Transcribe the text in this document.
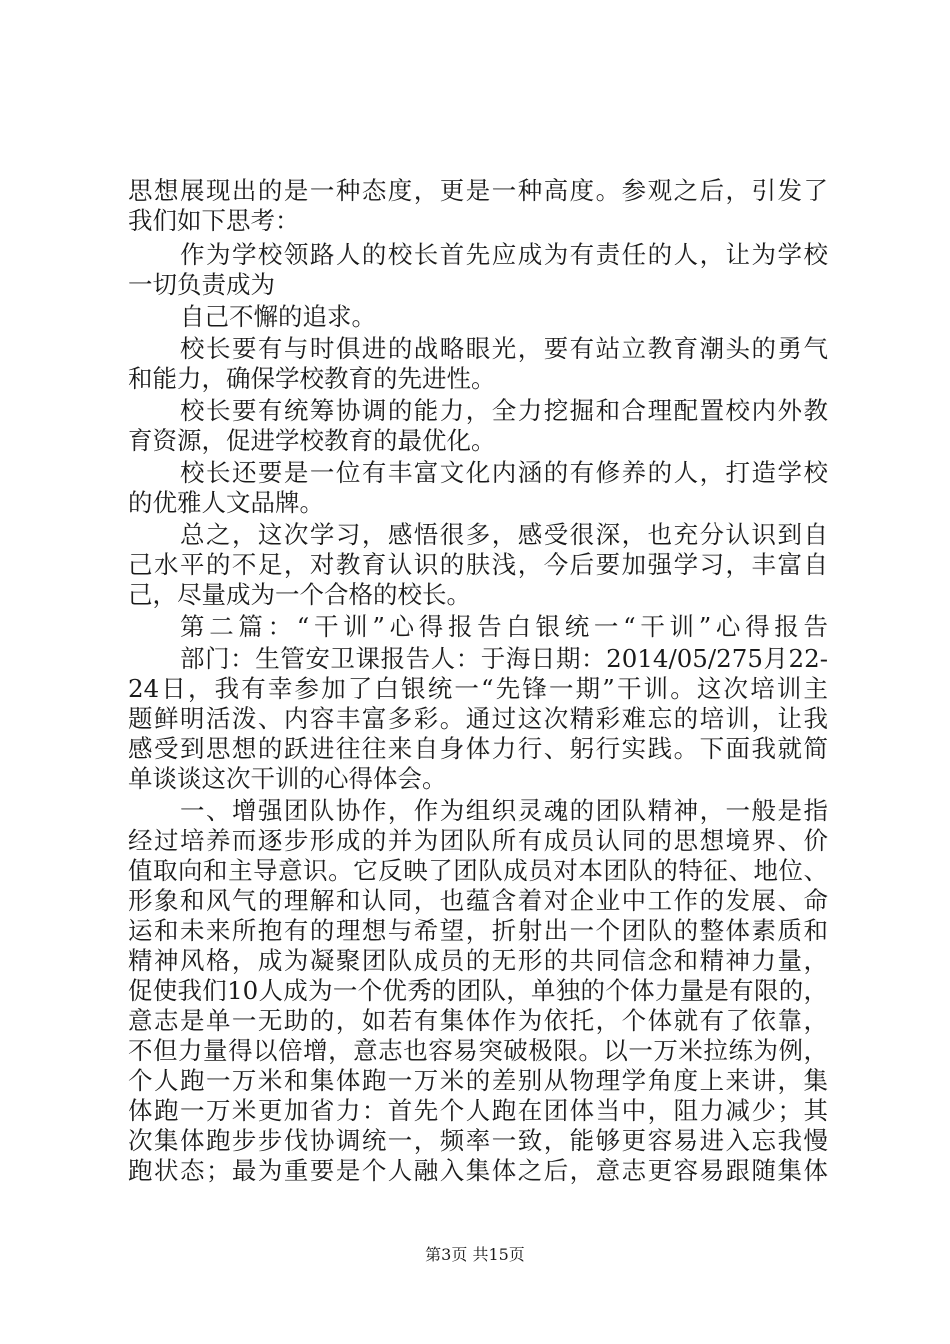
思想展现出的是一种态度，更是一种高度。参观之后，引发了
我们如下思考：
作为学校领路人的校长首先应成为有责任的人，让为学校
一切负责成为
自己不懈的追求。
校长要有与时俱进的战略眼光，要有站立教育潮头的勇气
和能力，确保学校教育的先进性。
校长要有统筹协调的能力，全力挖掘和合理配置校内外教
育资源，促进学校教育的最优化。
校长还要是一位有丰富文化内涵的有修养的人，打造学校
的优雅人文品牌。
总之，这次学习，感悟很多，感受很深，也充分认识到自
己水平的不足，对教育认识的肤浅，今后要加强学习，丰富自
己，尽量成为一个合格的校长。
第二篇：“干训”心得报告白银统一“干训”心得报告
部门：生管安卫课报告人：于海日期：2014/05/275月22-
24日，我有幸参加了白银统一“先锋一期”干训。这次培训主
题鲜明活泼、内容丰富多彩。通过这次精彩难忘的培训，让我
感受到思想的跃进往往来自身体力行、躬行实践。下面我就简
单谈谈这次干训的心得体会。
一、增强团队协作，作为组织灵魂的团队精神，一般是指
经过培养而逐步形成的并为团队所有成员认同的思想境界、价
值取向和主导意识。它反映了团队成员对本团队的特征、地位、
形象和风气的理解和认同，也蕴含着对企业中工作的发展、命
运和未来所抱有的理想与希望，折射出一个团队的整体素质和
精神风格，成为凝聚团队成员的无形的共同信念和精神力量，
促使我们10人成为一个优秀的团队，单独的个体力量是有限的，
意志是单一无助的，如若有集体作为依托，个体就有了依靠，
不但力量得以倍增，意志也容易突破极限。以一万米拉练为例，
个人跑一万米和集体跑一万米的差别从物理学角度上来讲，集
体跑一万米更加省力：首先个人跑在团体当中，阻力减少；其
次集体跑步步伐协调统一，频率一致，能够更容易进入忘我慢
跑状态；最为重要是个人融入集体之后，意志更容易跟随集体
第3页 共15页
